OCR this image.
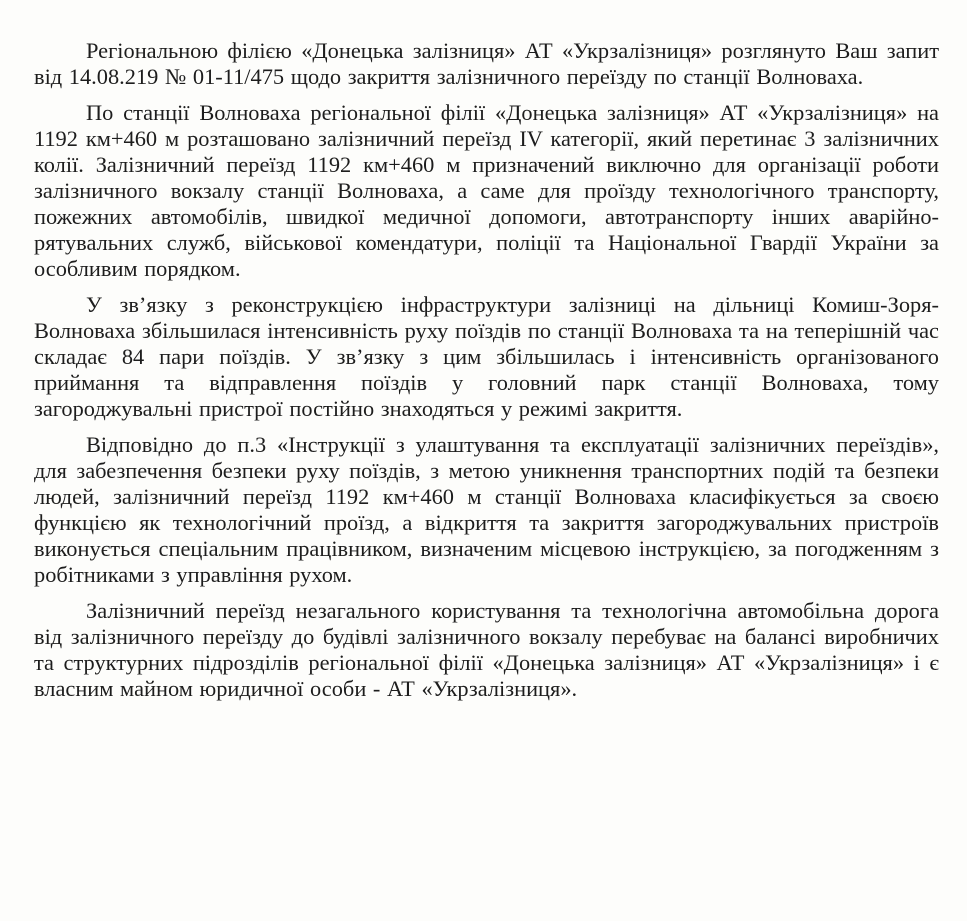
Регіональною філією «Донецька залізниця» АТ «Укрзалізниця» розглянуто Ваш запит від 14.08.219 № 01-11/475 щодо закриття залізничного переїзду по станції Волноваха.

По станції Волноваха регіональної філії «Донецька залізниця» АТ «Укрзалізниця» на 1192 км+460 м розташовано залізничний переїзд IV категорії, який перетинає 3 залізничних колії. Залізничний переїзд 1192 км+460 м призначений виключно для організації роботи залізничного вокзалу станції Волноваха, а саме для проїзду технологічного транспорту, пожежних автомобілів, швидкої медичної допомоги, автотранспорту інших аварійно-рятувальних служб, військової комендатури, поліції та Національної Гвардії України за особливим порядком.

У зв’язку з реконструкцією інфраструктури залізниці на дільниці Комиш-Зоря-Волноваха збільшилася інтенсивність руху поїздів по станції Волноваха та на теперішній час складає 84 пари поїздів. У зв’язку з цим збільшилась і інтенсивність організованого приймання та відправлення поїздів у головний парк станції Волноваха, тому загороджувальні пристрої постійно знаходяться у режимі закриття.

Відповідно до п.3 «Інструкції з улаштування та експлуатації залізничних переїздів», для забезпечення безпеки руху поїздів, з метою уникнення транспортних подій та безпеки людей, залізничний переїзд 1192 км+460 м станції Волноваха класифікується за своєю функцією як технологічний проїзд, а відкриття та закриття загороджувальних пристроїв виконується спеціальним працівником, визначеним місцевою інструкцією, за погодженням з робітниками з управління рухом.

Залізничний переїзд незагального користування та технологічна автомобільна дорога від залізничного переїзду до будівлі залізничного вокзалу перебуває на балансі виробничих та структурних підрозділів регіональної філії «Донецька залізниця» АТ «Укрзалізниця» і є власним майном юридичної особи - АТ «Укрзалізниця».
